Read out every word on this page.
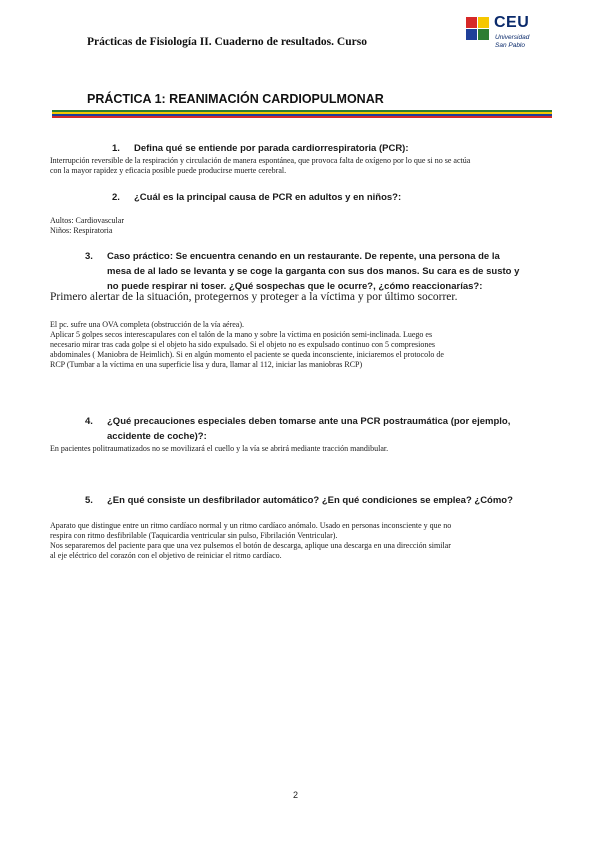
Prácticas de Fisiología II. Cuaderno de resultados. Curso
CEU
Universidad
San Pablo
PRÁCTICA 1: REANIMACIÓN CARDIOPULMONAR
1. Defina qué se entiende por parada cardiorrespiratoria (PCR):
Interrupción reversible de la respiración y circulación de manera espontánea, que provoca falta de oxígeno por lo que si no se actúa
con la mayor rapidez y eficacia posible puede producirse muerte cerebral.
2. ¿Cuál es la principal causa de PCR en adultos y en niños?:
Aultos: Cardiovascular
Niños: Respiratoria
3. Caso práctico: Se encuentra cenando en un restaurante. De repente, una persona de la
mesa de al lado se levanta y se coge la garganta con sus dos manos. Su cara es de susto y
no puede respirar ni toser. ¿Qué sospechas que le ocurre?, ¿cómo reaccionarías?:
Primero alertar de la situación, protegernos y proteger a la víctima y por último socorrer.
El pc. sufre una OVA completa (obstrucción de la vía aérea).
Aplicar 5 golpes secos interescapulares con el talón de la mano y sobre la víctima en posición semi-inclinada. Luego es
necesario mirar tras cada golpe si el objeto ha sido expulsado. Si el objeto no es expulsado continuo con 5 compresiones
abdominales ( Maniobra de Heimlich). Si en algún momento el paciente se queda inconsciente, iniciaremos el protocolo de
RCP (Tumbar a la víctima en una superficie lisa y dura, llamar al 112, iniciar las maniobras RCP)
4. ¿Qué precauciones especiales deben tomarse ante una PCR postraumática (por ejemplo,
accidente de coche)?:
En pacientes politraumatizados no se movilizará el cuello y la vía se abrirá mediante tracción mandibular.
5. ¿En qué consiste un desfibrilador automático? ¿En qué condiciones se emplea? ¿Cómo?
Aparato que distingue entre un ritmo cardíaco normal y un ritmo cardíaco anómalo. Usado en personas inconsciente y que no
respira con ritmo desfibrilable (Taquicardia ventricular sin pulso, Fibrilación Ventricular).
Nos separaremos del paciente para que una vez pulsemos el botón de descarga, aplique una descarga en una dirección similar
al eje eléctrico del corazón con el objetivo de reiniciar el ritmo cardíaco.
2
